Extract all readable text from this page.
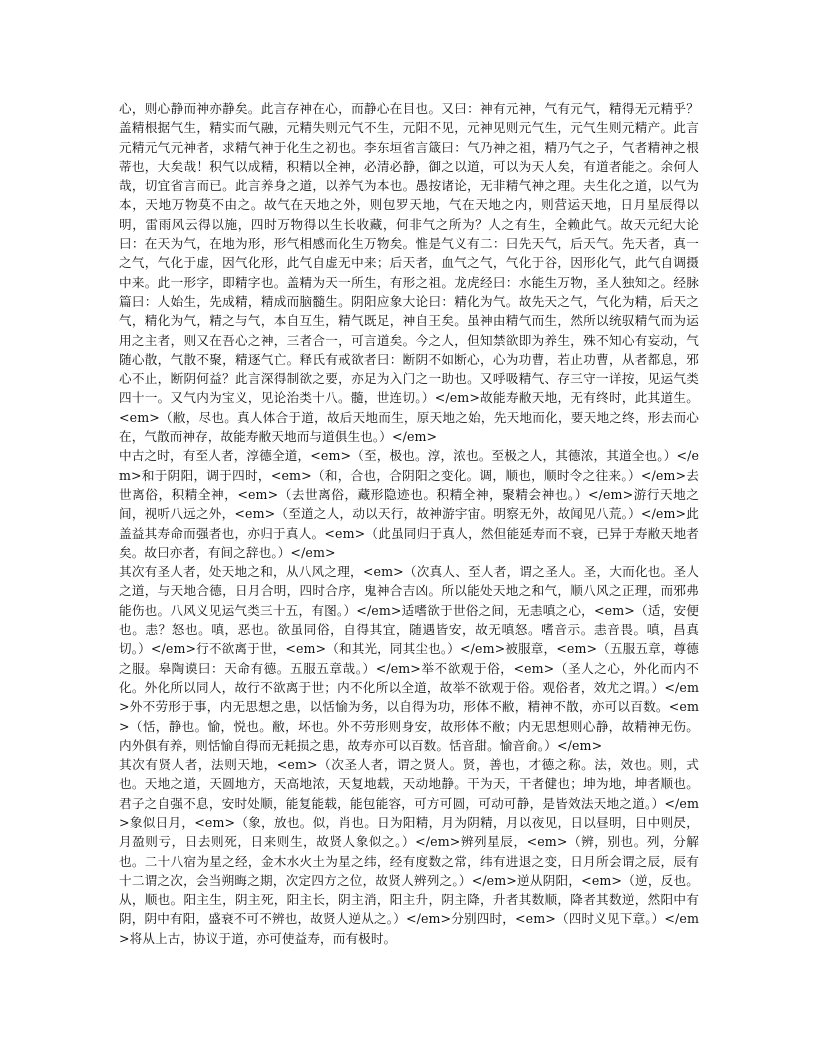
心，则心静而神亦静矣。此言存神在心，而静心在目也。又曰：神有元神，气有元气，精得无元精乎？盖精根据气生，精实而气融，元精失则元气不生，元阳不见，元神见则元气生，元气生则元精产。此言元精元气元神者，求精气神于化生之初也。李东垣省言箴曰：气乃神之祖，精乃气之子，气者精神之根蒂也，大矣哉！积气以成精，积精以全神，必清必静，御之以道，可以为天人矣，有道者能之。余何人哉，切宜省言而已。此言养身之道，以养气为本也。愚按诸论，无非精气神之理。夫生化之道，以气为本，天地万物莫不由之。故气在天地之外，则包罗天地，气在天地之内，则营运天地，日月星辰得以明，雷雨风云得以施，四时万物得以生长收藏，何非气之所为？人之有生，全赖此气。故天元纪大论曰：在天为气，在地为形，形气相感而化生万物矣。惟是气义有二：曰先天气，后天气。先天者，真一之气，气化于虚，因气化形，此气自虚无中来；后天者，血气之气，气化于谷，因形化气，此气自调摄中来。此一形字，即精字也。盖精为天一所生，有形之祖。龙虎经曰：水能生万物，圣人独知之。经脉篇曰：人始生，先成精，精成而脑髓生。阴阳应象大论曰：精化为气。故先天之气，气化为精，后天之气，精化为气，精之与气，本自互生，精气既足，神自王矣。虽神由精气而生，然所以统驭精气而为运用之主者，则又在吾心之神，三者合一，可言道矣。今之人，但知禁欲即为养生，殊不知心有妄动，气随心散，气散不聚，精逐气亡。释氏有戒欲者曰：断阴不如断心，心为功曹，若止功曹，从者都息，邪心不止，断阴何益？此言深得制欲之要，亦足为入门之一助也。又呼吸精气、存三守一详按，见运气类四十一。又气内为宝义，见论治类十八。髓，世连切。）</em>故能寿敝天地，无有终时，此其道生。<em>（敝，尽也。真人体合于道，故后天地而生，原天地之始，先天地而化，要天地之终，形去而心在，气散而神存，故能寿敝天地而与道俱生也。）</em>

中古之时，有至人者，淳德全道，<em>（至，极也。淳，浓也。至极之人，其德浓，其道全也。）</em>和于阴阳，调于四时，<em>（和，合也，合阴阳之变化。调，顺也，顺时令之往来。）</em>去世离俗，积精全神，<em>（去世离俗，藏形隐迹也。积精全神，聚精会神也。）</em>游行天地之间，视听八远之外，<em>（至道之人，动以天行，故神游宇宙。明察无外，故闻见八荒。）</em>此盖益其寿命而强者也，亦归于真人。<em>（此虽同归于真人，然但能延寿而不衰，已异于寿敝天地者矣。故曰亦者，有间之辞也。）</em>

其次有圣人者，处天地之和，从八风之理，<em>（次真人、至人者，谓之圣人。圣，大而化也。圣人之道，与天地合德，日月合明，四时合序，鬼神合吉凶。所以能处天地之和气，顺八风之正理，而邪弗能伤也。八风义见运气类三十五，有图。）</em>适嗜欲于世俗之间，无恚嗔之心，<em>（适，安便也。恚？怒也。嗔，恶也。欲虽同俗，自得其宜，随遇皆安，故无嗔怒。嗜音示。恚音畏。嗔，昌真切。）</em>行不欲离于世，<em>（和其光，同其尘也。）</em>被服章，<em>（五服五章，尊德之服。皋陶谟曰：天命有德。五服五章哉。）</em>举不欲观于俗，<em>（圣人之心，外化而内不化。外化所以同人，故行不欲离于世；内不化所以全道，故举不欲观于俗。观俗者，效尤之谓。）</em>外不劳形于事，内无思想之患，以恬愉为务，以自得为功，形体不敝，精神不散，亦可以百数。<em>（恬，静也。愉，悦也。敝，坏也。外不劳形则身安，故形体不敝；内无思想则心静，故精神无伤。内外俱有养，则恬愉自得而无耗损之患，故寿亦可以百数。恬音甜。愉音俞。）</em>

其次有贤人者，法则天地，<em>（次圣人者，谓之贤人。贤，善也，才德之称。法，效也。则，式也。天地之道，天圆地方，天高地浓，天复地载，天动地静。干为天，干者健也；坤为地，坤者顺也。君子之自强不息，安时处顺，能复能载，能包能容，可方可圆，可动可静，是皆效法天地之道。）</em>象似日月，<em>（象，放也。似，肖也。日为阳精，月为阴精，月以夜见，日以昼明，日中则昃，月盈则亏，日去则死，日来则生，故贤人象似之。）</em>辨列星辰，<em>（辨，别也。列，分解也。二十八宿为星之经，金木水火土为星之纬，经有度数之常，纬有进退之变，日月所会谓之辰，辰有十二谓之次，会当朔晦之期，次定四方之位，故贤人辨列之。）</em>逆从阴阳，<em>（逆，反也。从，顺也。阳主生，阴主死，阳主长，阴主消，阳主升，阴主降，升者其数顺，降者其数逆，然阳中有阴，阴中有阳，盛衰不可不辨也，故贤人逆从之。）</em>分别四时，<em>（四时义见下章。）</em>将从上古，协议于道，亦可使益寿，而有极时。
